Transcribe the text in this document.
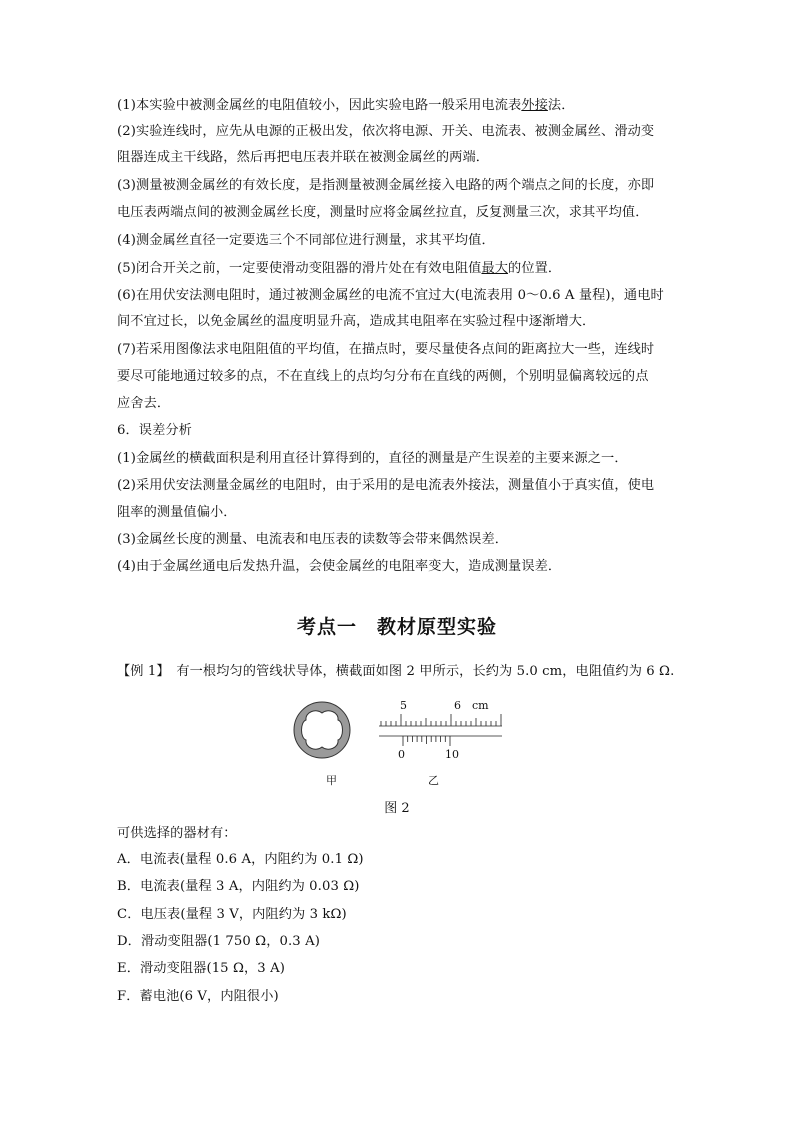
(1)本实验中被测金属丝的电阻值较小，因此实验电路一般采用电流表外接法．
(2)实验连线时，应先从电源的正极出发，依次将电源、开关、电流表、被测金属丝、滑动变
阻器连成主干线路，然后再把电压表并联在被测金属丝的两端．
(3)测量被测金属丝的有效长度，是指测量被测金属丝接入电路的两个端点之间的长度，亦即
电压表两端点间的被测金属丝长度，测量时应将金属丝拉直，反复测量三次，求其平均值．
(4)测金属丝直径一定要选三个不同部位进行测量，求其平均值．
(5)闭合开关之前，一定要使滑动变阻器的滑片处在有效电阻值最大的位置．
(6)在用伏安法测电阻时，通过被测金属丝的电流不宜过大(电流表用 0～0.6 A 量程)，通电时
间不宜过长，以免金属丝的温度明显升高，造成其电阻率在实验过程中逐渐增大．
(7)若采用图像法求电阻阻值的平均值，在描点时，要尽量使各点间的距离拉大一些，连线时
要尽可能地通过较多的点，不在直线上的点均匀分布在直线的两侧，个别明显偏离较远的点
应舍去．
6．误差分析
(1)金属丝的横截面积是利用直径计算得到的，直径的测量是产生误差的主要来源之一．
(2)采用伏安法测量金属丝的电阻时，由于采用的是电流表外接法，测量值小于真实值，使电
阻率的测量值偏小．
(3)金属丝长度的测量、电流表和电压表的读数等会带来偶然误差．
(4)由于金属丝通电后发热升温，会使金属丝的电阻率变大，造成测量误差．
考点一　教材原型实验
【例 1】　有一根均匀的管线状导体，横截面如图 2 甲所示，长约为 5.0 cm，电阻值约为 6 Ω.
5	6 cm
0	10
甲	乙
图 2
可供选择的器材有：
A．电流表(量程 0.6 A，内阻约为 0.1 Ω)
B．电流表(量程 3 A，内阻约为 0.03 Ω)
C．电压表(量程 3 V，内阻约为 3 kΩ)
D．滑动变阻器(1 750 Ω，0.3 A)
E．滑动变阻器(15 Ω，3 A)
F．蓄电池(6 V，内阻很小)
